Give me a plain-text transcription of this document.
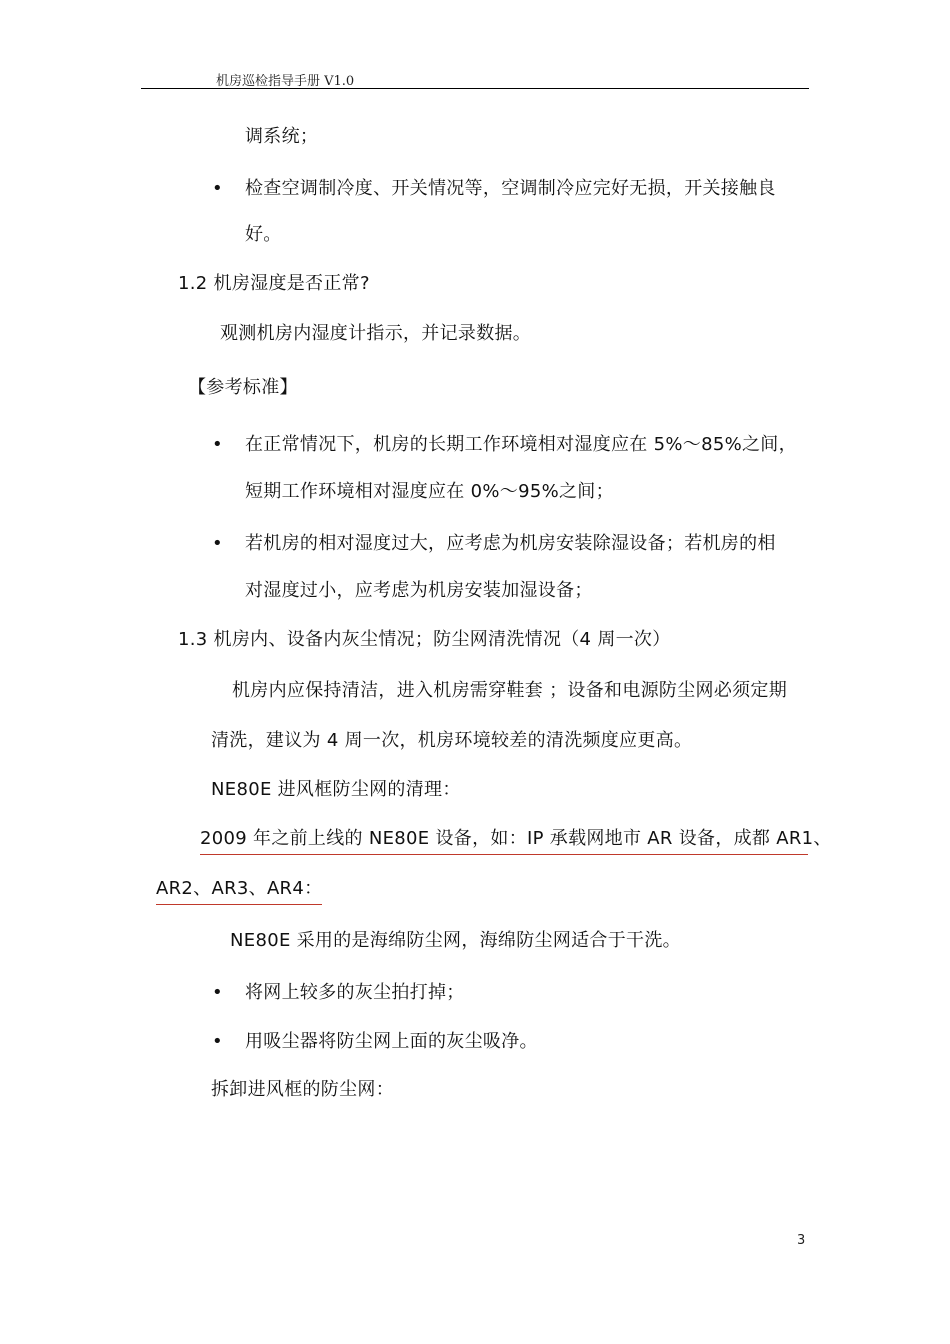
机房巡检指导手册 V1.0
调系统；
• 检查空调制冷度、开关情况等，空调制冷应完好无损，开关接触良
好。
1.2 机房湿度是否正常?
观测机房内湿度计指示，并记录数据。
【参考标准】
• 在正常情况下，机房的长期工作环境相对湿度应在 5%～85%之间，
短期工作环境相对湿度应在 0%～95%之间；
• 若机房的相对湿度过大，应考虑为机房安装除湿设备；若机房的相
对湿度过小，应考虑为机房安装加湿设备；
1.3 机房内、设备内灰尘情况；防尘网清洗情况（4 周一次）
机房内应保持清洁，进入机房需穿鞋套 ；设备和电源防尘网必须定期
清洗，建议为 4 周一次，机房环境较差的清洗频度应更高。
NE80E 进风框防尘网的清理：
2009 年之前上线的 NE80E 设备，如：IP 承载网地市 AR 设备，成都 AR1、
AR2、AR3、AR4：
NE80E 采用的是海绵防尘网，海绵防尘网适合于干洗。
• 将网上较多的灰尘拍打掉；
• 用吸尘器将防尘网上面的灰尘吸净。
拆卸进风框的防尘网：
3
